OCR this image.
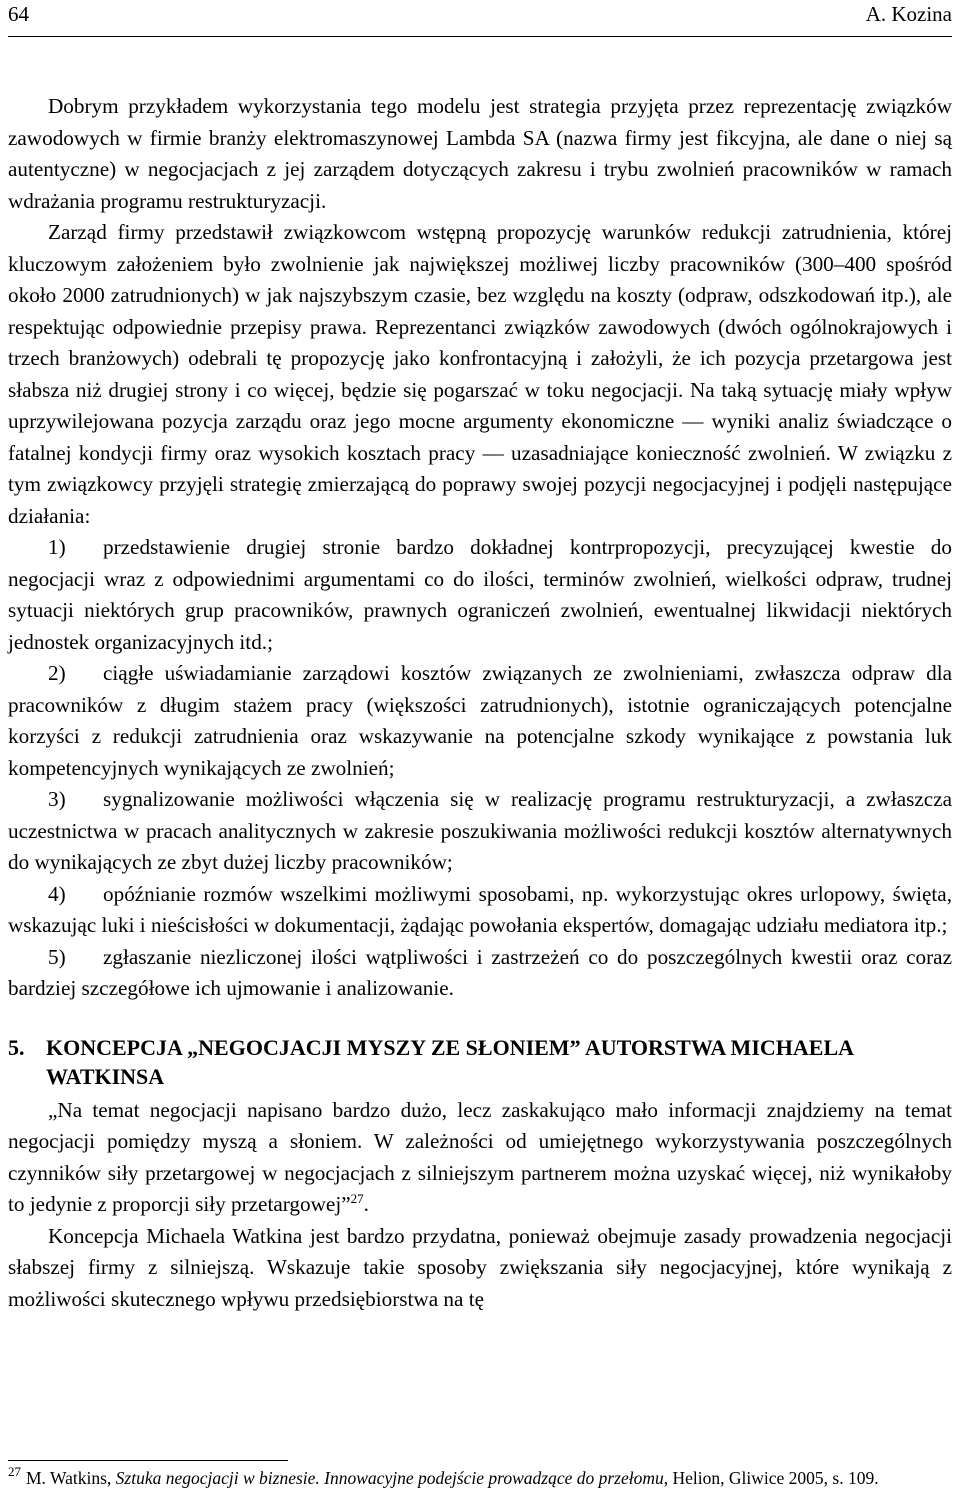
64	A. Kozina

Dobrym przykładem wykorzystania tego modelu jest strategia przyjęta przez reprezentację związków zawodowych w firmie branży elektromaszynowej Lambda SA (nazwa firmy jest fikcyjna, ale dane o niej są autentyczne) w negocjacjach z jej zarządem dotyczących zakresu i trybu zwolnień pracowników w ramach wdrażania programu restrukturyzacji.

Zarząd firmy przedstawił związkowcom wstępną propozycję warunków redukcji zatrudnienia, której kluczowym założeniem było zwolnienie jak największej możliwej liczby pracowników (300–400 spośród około 2000 zatrudnionych) w jak najszybszym czasie, bez względu na koszty (odpraw, odszkodowań itp.), ale respektując odpowiednie przepisy prawa. Reprezentanci związków zawodowych (dwóch ogólnokrajowych i trzech branżowych) odebrali tę propozycję jako konfrontacyjną i założyli, że ich pozycja przetargowa jest słabsza niż drugiej strony i co więcej, będzie się pogarszać w toku negocjacji. Na taką sytuację miały wpływ uprzywilejowana pozycja zarządu oraz jego mocne argumenty ekonomiczne — wyniki analiz świadczące o fatalnej kondycji firmy oraz wysokich kosztach pracy — uzasadniające konieczność zwolnień. W związku z tym związkowcy przyjęli strategię zmierzającą do poprawy swojej pozycji negocjacyjnej i podjęli następujące działania:

1) przedstawienie drugiej stronie bardzo dokładnej kontrpropozycji, precyzującej kwestie do negocjacji wraz z odpowiednimi argumentami co do ilości, terminów zwolnień, wielkości odpraw, trudnej sytuacji niektórych grup pracowników, prawnych ograniczeń zwolnień, ewentualnej likwidacji niektórych jednostek organizacyjnych itd.;

2) ciągłe uświadamianie zarządowi kosztów związanych ze zwolnieniami, zwłaszcza odpraw dla pracowników z długim stażem pracy (większości zatrudnionych), istotnie ograniczających potencjalne korzyści z redukcji zatrudnienia oraz wskazywanie na potencjalne szkody wynikające z powstania luk kompetencyjnych wynikających ze zwolnień;

3) sygnalizowanie możliwości włączenia się w realizację programu restrukturyzacji, a zwłaszcza uczestnictwa w pracach analitycznych w zakresie poszukiwania możliwości redukcji kosztów alternatywnych do wynikających ze zbyt dużej liczby pracowników;

4) opóźnianie rozmów wszelkimi możliwymi sposobami, np. wykorzystując okres urlopowy, święta, wskazując luki i nieścisłości w dokumentacji, żądając powołania ekspertów, domagając udziału mediatora itp.;

5) zgłaszanie niezliczonej ilości wątpliwości i zastrzeżeń co do poszczególnych kwestii oraz coraz bardziej szczegółowe ich ujmowanie i analizowanie.

5. KONCEPCJA „NEGOCJACJI MYSZY ZE SŁONIEM” AUTORSTWA MICHAELA WATKINSA

„Na temat negocjacji napisano bardzo dużo, lecz zaskakująco mało informacji znajdziemy na temat negocjacji pomiędzy myszą a słoniem. W zależności od umiejętnego wykorzystywania poszczególnych czynników siły przetargowej w negocjacjach z silniejszym partnerem można uzyskać więcej, niż wynikałoby to jedynie z proporcji siły przetargowej”$^{27}$.

Koncepcja Michaela Watkina jest bardzo przydatna, ponieważ obejmuje zasady prowadzenia negocjacji słabszej firmy z silniejszą. Wskazuje takie sposoby zwiększania siły negocjacyjnej, które wynikają z możliwości skutecznego wpływu przedsiębiorstwa na tę

27 M. Watkins, Sztuka negocjacji w biznesie. Innowacyjne podejście prowadzące do przełomu, Helion, Gliwice 2005, s. 109.
